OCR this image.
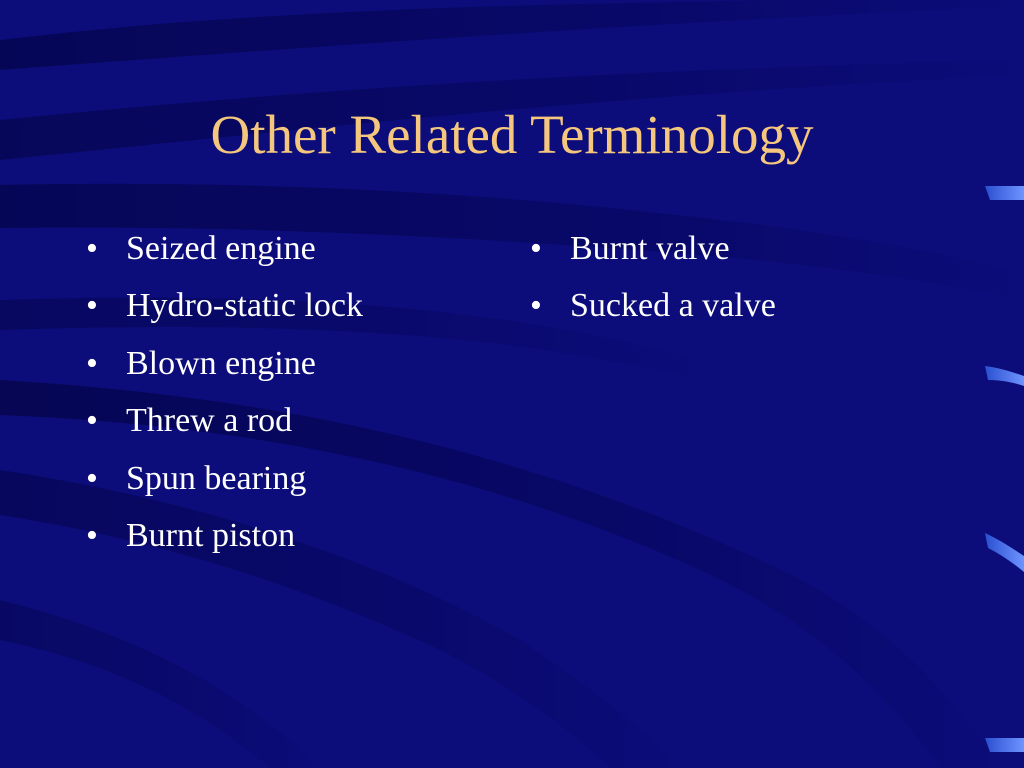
Other Related Terminology
• Seized engine
• Hydro-static lock
• Blown engine
• Threw a rod
• Spun bearing
• Burnt piston
• Burnt valve
• Sucked a valve
